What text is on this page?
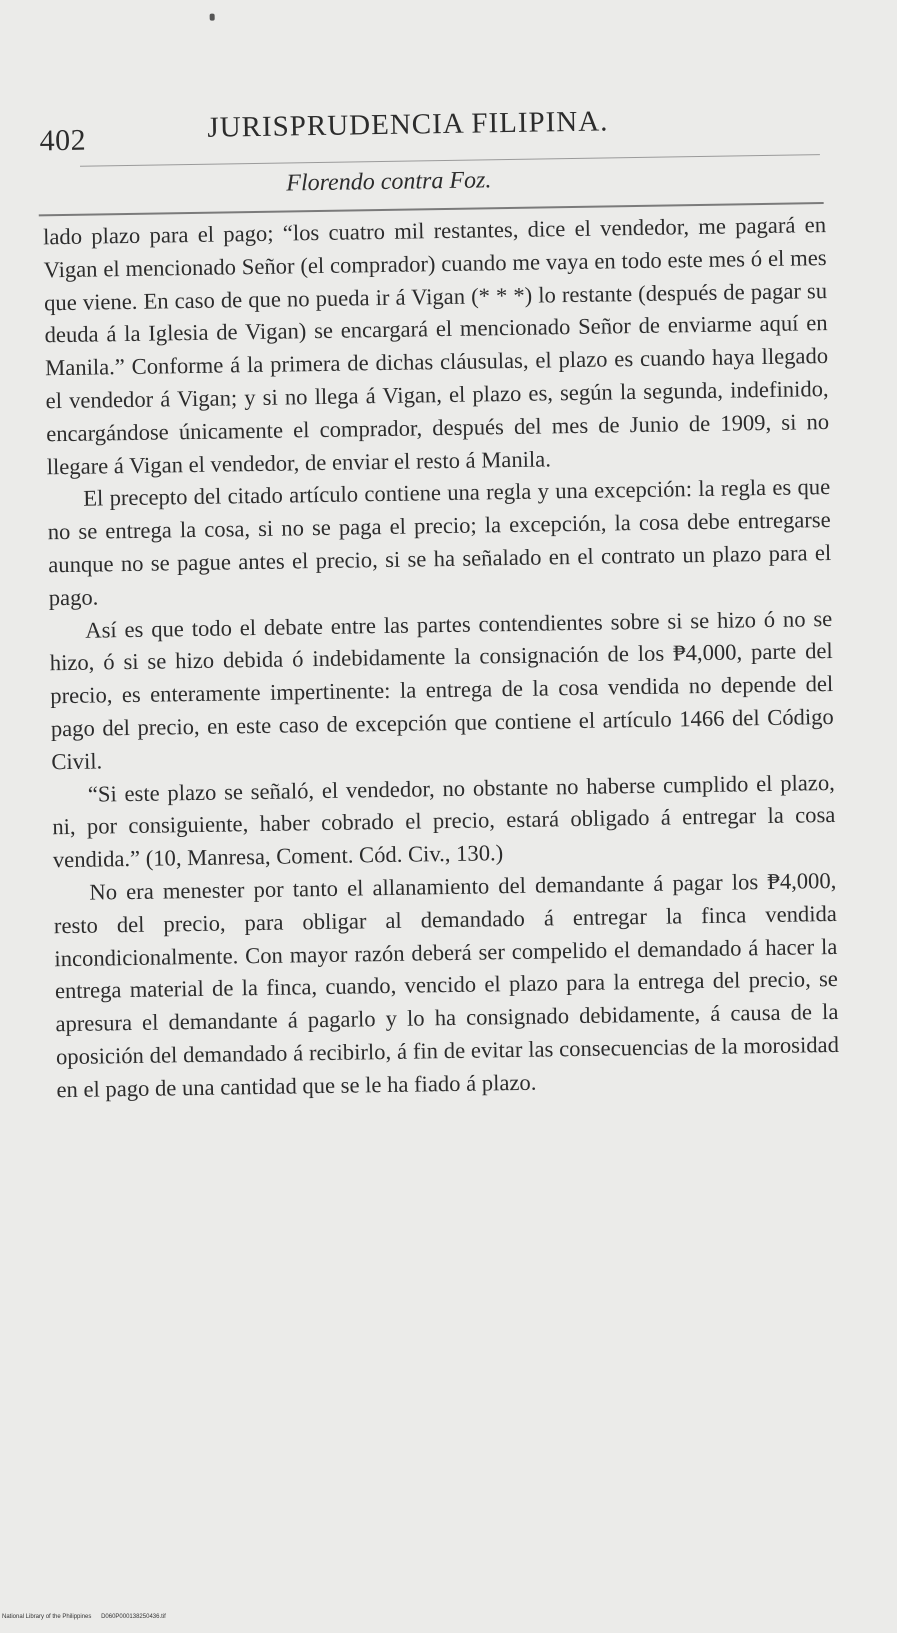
402	JURISPRUDENCIA FILIPINA.
Florendo contra Foz.

lado plazo para el pago; “los cuatro mil restantes, dice el vendedor, me pagará en Vigan el mencionado Señor (el comprador) cuando me vaya en todo este mes ó el mes que viene. En caso de que no pueda ir á Vigan (* * *) lo restante (después de pagar su deuda á la Iglesia de Vigan) se encargará el mencionado Señor de enviarme aquí en Manila.” Conforme á la primera de dichas cláusulas, el plazo es cuando haya llegado el vendedor á Vigan; y si no llega á Vigan, el plazo es, según la segunda, indefinido, encargándose únicamente el comprador, después del mes de Junio de 1909, si no llegare á Vigan el vendedor, de enviar el resto á Manila.

El precepto del citado artículo contiene una regla y una excepción: la regla es que no se entrega la cosa, si no se paga el precio; la excepción, la cosa debe entregarse aunque no se pague antes el precio, si se ha señalado en el contrato un plazo para el pago.

Así es que todo el debate entre las partes contendientes sobre si se hizo ó no se hizo, ó si se hizo debida ó indebidamente la consignación de los ₱4,000, parte del precio, es enteramente impertinente: la entrega de la cosa vendida no depende del pago del precio, en este caso de excepción que contiene el artículo 1466 del Código Civil.

“Si este plazo se señaló, el vendedor, no obstante no haberse cumplido el plazo, ni, por consiguiente, haber cobrado el precio, estará obligado á entregar la cosa vendida.” (10, Manresa, Coment. Cód. Civ., 130.)

No era menester por tanto el allanamiento del demandante á pagar los ₱4,000, resto del precio, para obligar al demandado á entregar la finca vendida incondicionalmente. Con mayor razón deberá ser compelido el demandado á hacer la entrega material de la finca, cuando, vencido el plazo para la entrega del precio, se apresura el demandante á pagarlo y lo ha consignado debidamente, á causa de la oposición del demandado á recibirlo, á fin de evitar las consecuencias de la morosidad en el pago de una cantidad que se le ha fiado á plazo.

National Library of the Philippines D060P000138250436.tif
